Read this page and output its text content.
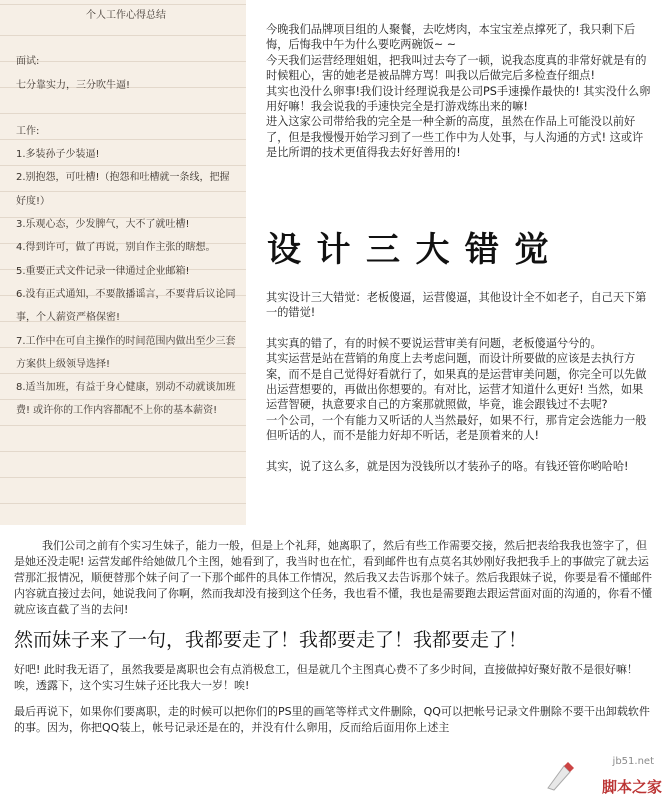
个人工作心得总结

面试:

七分靠实力，三分吹牛逼!

工作:

1.多装孙子少装逼!

2.别抱怨，可吐槽!（抱怨和吐槽就一条线，把握好度!）

3.乐观心态，少发脾气，大不了就吐槽!

4.得到许可，做了再说，别自作主张的瞎想。

5.重要正式文件记录一律通过企业邮箱!

6.没有正式通知，不要散播谣言，不要背后议论同事，个人薪资严格保密!

7.工作中在可自主操作的时间范围内做出至少三套方案供上级领导选择!

8.适当加班，有益于身心健康，别动不动就谈加班费! 或许你的工作内容都配不上你的基本薪资!

今晚我们品牌项目组的人聚餐，去吃烤肉，本宝宝差点撑死了，我只剩下后悔，后悔我中午为什么要吃两碗饭~ ~

今天我们运营经理姐姐，把我叫过去夸了一顿，说我态度真的非常好就是有的时候粗心，害的她老是被品牌方骂！叫我以后做完后多检查仔细点!

其实也没什么卵事!我们设计经理说我是公司PS手速操作最快的! 其实没什么卵用好嘛！我会说我的手速快完全是打游戏练出来的嘛!

进入这家公司带给我的完全是一种全新的高度，虽然在作品上可能没以前好了，但是我慢慢开始学习到了一些工作中为人处事，与人沟通的方式! 这或许是比所谓的技术更值得我去好好善用的!

设计三大错觉

其实设计三大错觉：老板傻逼，运营傻逼，其他设计全不如老子，自己天下第一的错觉!

其实真的错了，有的时候不要说运营审美有问题，老板傻逼兮兮的。

其实运营是站在营销的角度上去考虑问题，而设计所要做的应该是去执行方案，而不是自己觉得好看就行了，如果真的是运营审美问题，你完全可以先做出运营想要的，再做出你想要的。有对比，运营才知道什么更好! 当然，如果运营智硬，执意要求自己的方案那就照做，毕竟，谁会跟钱过不去呢?

一个公司，一个有能力又听话的人当然最好，如果不行，那肯定会选能力一般但听话的人，而不是能力好却不听话，老是顶着来的人!

其实，说了这么多，就是因为没钱所以才装孙子的咯。有钱还管你哟哈哈!

我们公司之前有个实习生妹子，能力一般，但是上个礼拜，她离职了，然后有些工作需要交接，然后把表给我我也签字了，但是她还没走呢! 运营发邮件给她做几个主图，她看到了，我当时也在忙，看到邮件也有点莫名其妙刚好我把我手上的事做完了就去运营那汇报情况，顺便替那个妹子问了一下那个邮件的具体工作情况，然后我又去告诉那个妹子。然后我跟妹子说，你要是看不懂邮件内容就直接过去问，她说我问了你啊，然而我却没有接到这个任务，我也看不懂，我也是需要跑去跟运营面对面的沟通的，你看不懂就应该直截了当的去问!

然而妹子来了一句，我都要走了！我都要走了！我都要走了！

好吧! 此时我无语了，虽然我要是离职也会有点消极怠工，但是就几个主图真心费不了多少时间，直接做掉好聚好散不是很好嘛！唉，透露下，这个实习生妹子还比我大一岁！唉!

最后再说下，如果你们要离职，走的时候可以把你们的PS里的画笔等样式文件删除，QQ可以把帐号记录文件删除不要干出卸载软件的事。因为，你把QQ装上，帐号记录还是在的，并没有什么卵用，反而给后面用你上述主

jb51.net
脚本之家
